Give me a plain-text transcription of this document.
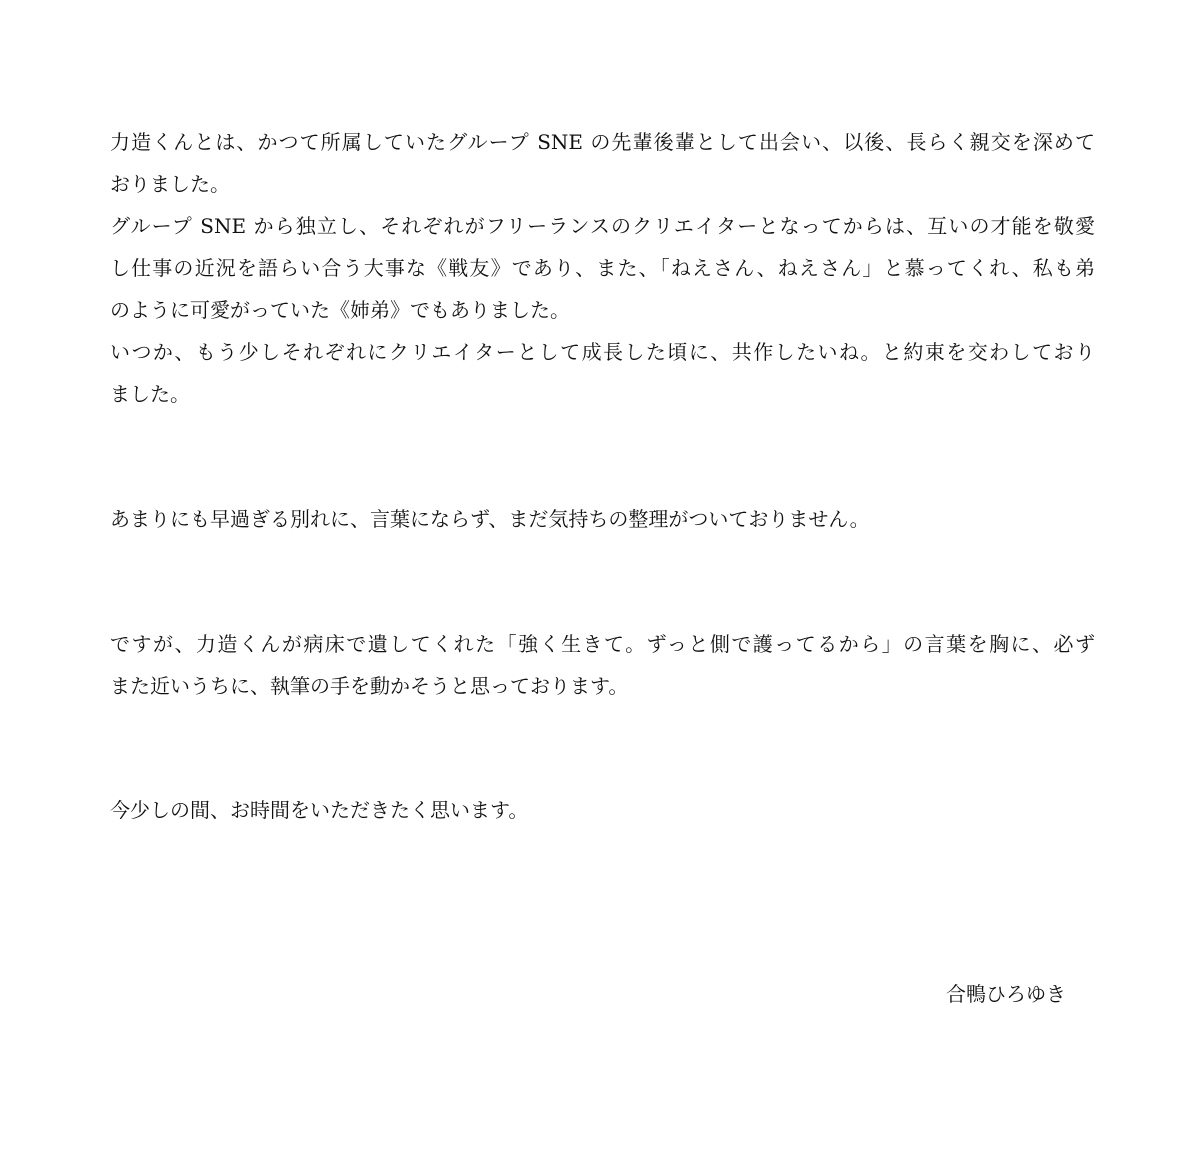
力造くんとは、かつて所属していたグループ SNE の先輩後輩として出会い、以後、長らく親交を深めて
おりました。
グループ SNE から独立し、それぞれがフリーランスのクリエイターとなってからは、互いの才能を敬愛
し仕事の近況を語らい合う大事な《戦友》であり、また、「ねえさん、ねえさん」と慕ってくれ、私も弟
のように可愛がっていた《姉弟》でもありました。
いつか、もう少しそれぞれにクリエイターとして成長した頃に、共作したいね。と約束を交わしており
ました。
あまりにも早過ぎる別れに、言葉にならず、まだ気持ちの整理がついておりません。
ですが、力造くんが病床で遺してくれた「強く生きて。ずっと側で護ってるから」の言葉を胸に、必ず
また近いうちに、執筆の手を動かそうと思っております。
今少しの間、お時間をいただきたく思います。
合鴨ひろゆき
